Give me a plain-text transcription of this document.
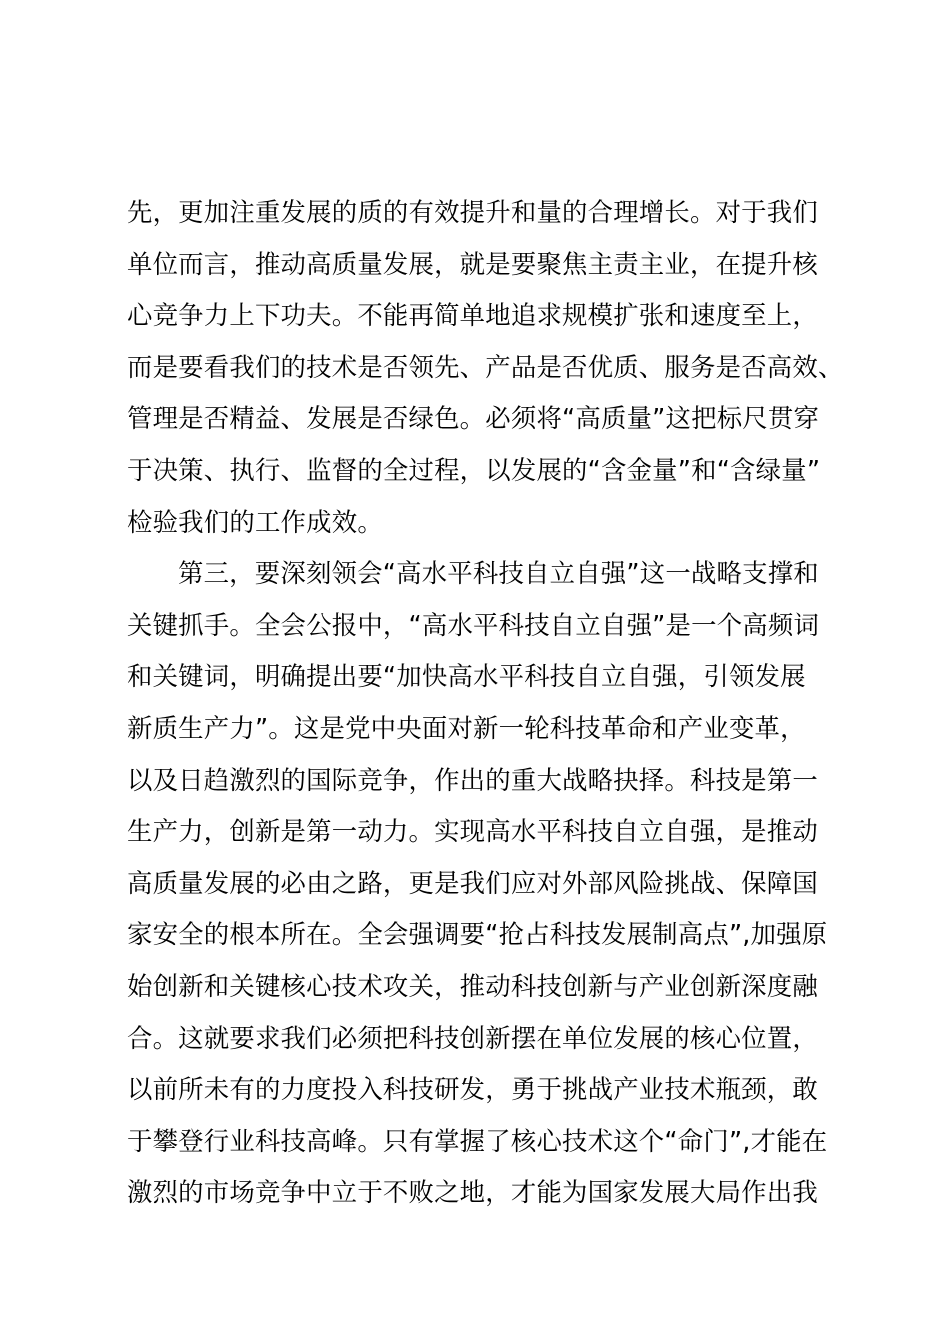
先，更加注重发展的质的有效提升和量的合理增长。对于我们
单位而言，推动高质量发展，就是要聚焦主责主业，在提升核
心竞争力上下功夫。不能再简单地追求规模扩张和速度至上，
而是要看我们的技术是否领先、产品是否优质、服务是否高效、
管理是否精益、发展是否绿色。必须将“高质量”这把标尺贯穿
于决策、执行、监督的全过程，以发展的“含金量”和“含绿量”
检验我们的工作成效。
第三，要深刻领会“高水平科技自立自强”这一战略支撑和
关键抓手。全会公报中，“高水平科技自立自强”是一个高频词
和关键词，明确提出要“加快高水平科技自立自强，引领发展
新质生产力”。这是党中央面对新一轮科技革命和产业变革，
以及日趋激烈的国际竞争，作出的重大战略抉择。科技是第一
生产力，创新是第一动力。实现高水平科技自立自强，是推动
高质量发展的必由之路，更是我们应对外部风险挑战、保障国
家安全的根本所在。全会强调要“抢占科技发展制高点”,加强原
始创新和关键核心技术攻关，推动科技创新与产业创新深度融
合。这就要求我们必须把科技创新摆在单位发展的核心位置，
以前所未有的力度投入科技研发，勇于挑战产业技术瓶颈，敢
于攀登行业科技高峰。只有掌握了核心技术这个“命门”,才能在
激烈的市场竞争中立于不败之地，才能为国家发展大局作出我
